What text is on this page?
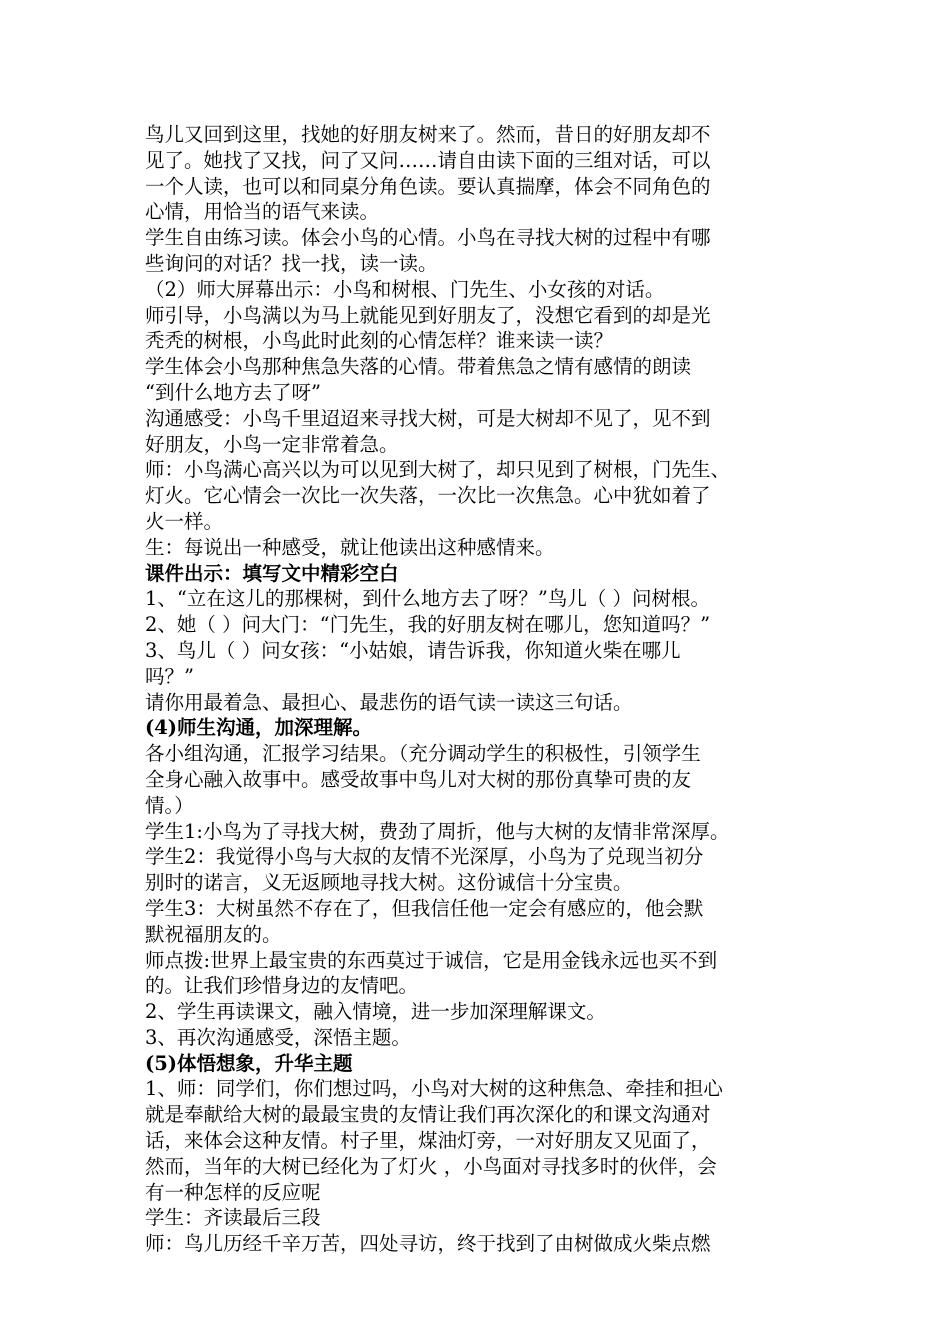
鸟儿又回到这里，找她的好朋友树来了。然而，昔日的好朋友却不

见了。她找了又找，问了又问……请自由读下面的三组对话，可以

一个人读，也可以和同桌分角色读。要认真揣摩，体会不同角色的

心情，用恰当的语气来读。

学生自由练习读。体会小鸟的心情。小鸟在寻找大树的过程中有哪

些询问的对话？找一找，读一读。

（2）师大屏幕出示：小鸟和树根、门先生、小女孩的对话。

师引导，小鸟满以为马上就能见到好朋友了，没想它看到的却是光

秃秃的树根，小鸟此时此刻的心情怎样？谁来读一读？

学生体会小鸟那种焦急失落的心情。带着焦急之情有感情的朗读

“到什么地方去了呀”

沟通感受：小鸟千里迢迢来寻找大树，可是大树却不见了，见不到

好朋友，小鸟一定非常着急。

师：小鸟满心高兴以为可以见到大树了，却只见到了树根，门先生、

灯火。它心情会一次比一次失落，一次比一次焦急。心中犹如着了

火一样。

生：每说出一种感受，就让他读出这种感情来。

课件出示：填写文中精彩空白

1、“立在这儿的那棵树，到什么地方去了呀？”鸟儿（ ）问树根。

2、她（ ）问大门：“门先生，我的好朋友树在哪儿，您知道吗？”

3、鸟儿（ ）问女孩：“小姑娘，请告诉我，你知道火柴在哪儿

吗？”

请你用最着急、最担心、最悲伤的语气读一读这三句话。

(4)师生沟通，加深理解。

各小组沟通，汇报学习结果。（充分调动学生的积极性，引领学生

全身心融入故事中。感受故事中鸟儿对大树的那份真挚可贵的友

情。）

学生1:小鸟为了寻找大树，费劲了周折，他与大树的友情非常深厚。

学生2：我觉得小鸟与大叔的友情不光深厚，小鸟为了兑现当初分

别时的诺言，义无返顾地寻找大树。这份诚信十分宝贵。

学生3：大树虽然不存在了，但我信任他一定会有感应的，他会默

默祝福朋友的。

师点拨:世界上最宝贵的东西莫过于诚信，它是用金钱永远也买不到

的。让我们珍惜身边的友情吧。

2、学生再读课文，融入情境，进一步加深理解课文。

3、再次沟通感受，深悟主题。

(5)体悟想象，升华主题

1、师：同学们，你们想过吗，小鸟对大树的这种焦急、牵挂和担心

就是奉献给大树的最最宝贵的友情让我们再次深化的和课文沟通对

话，来体会这种友情。村子里，煤油灯旁，一对好朋友又见面了，

然而，当年的大树已经化为了灯火 ，小鸟面对寻找多时的伙伴，会

有一种怎样的反应呢

学生：齐读最后三段

师：鸟儿历经千辛万苦，四处寻访，终于找到了由树做成火柴点燃
